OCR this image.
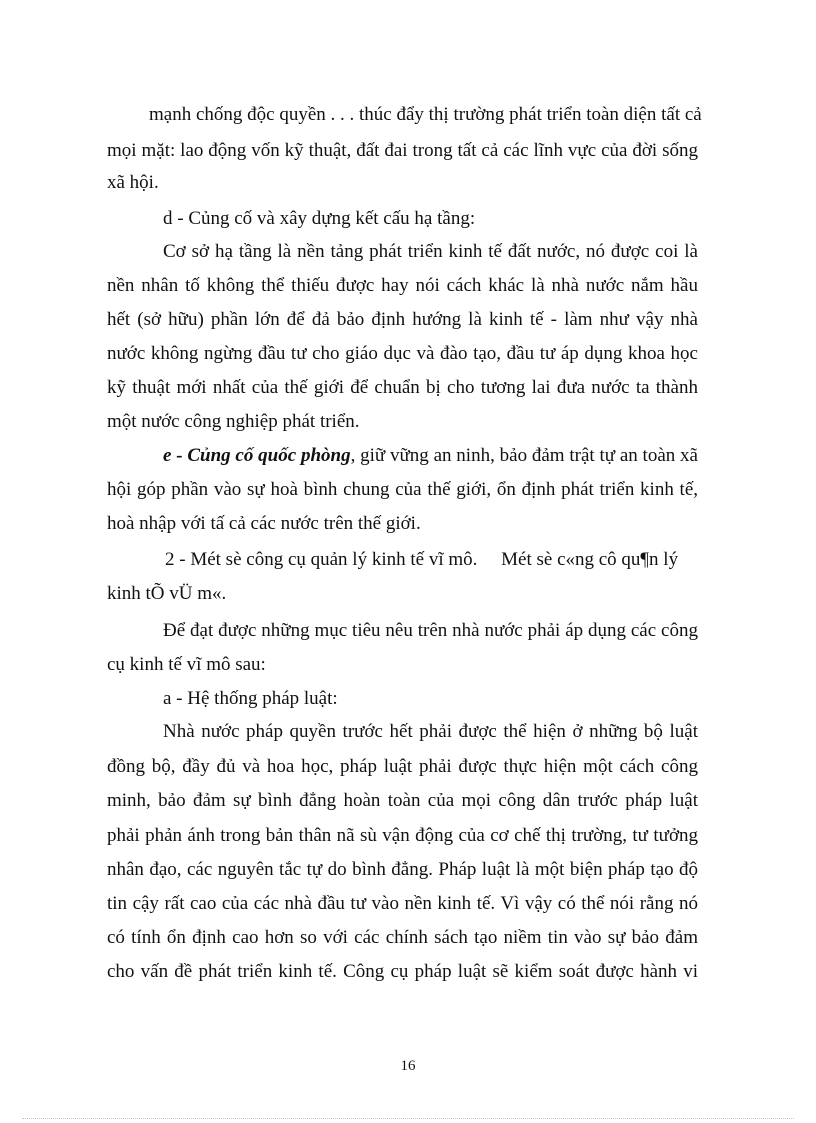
mạnh chống độc quyền . . . thúc đẩy thị trường phát triển toàn diện tất cả
mọi mặt: lao động vốn kỹ thuật, đất đai trong tất cả các lĩnh vực của đời sống
xã hội.
d - Củng cố và xây dựng kết cấu hạ tầng:
Cơ sở hạ tầng là nền tảng phát triển kinh tế đất nước, nó được coi là
nền nhân tố không thể thiếu được hay nói cách khác là nhà nước nắm hầu
hết (sở hữu) phần lớn để đả bảo định hướng là kinh tế - làm như vậy nhà
nước không ngừng đầu tư cho giáo dục và đào tạo, đầu tư áp dụng khoa học
kỹ thuật mới nhất của thế giới để chuẩn bị cho tương lai đưa nước ta thành
một nước công nghiệp phát triển.
e - Củng cố quốc phòng, giữ vững an ninh, bảo đảm trật tự an toàn xã
hội góp phần vào sự hoà bình chung của thế giới, ổn định phát triển kinh tế,
hoà nhập với tấ cả các nước trên thế giới.
2 - Mét sè công cụ quản lý kinh tế vĩ mô.     Mét sè c«ng cô qu¶n lý
kinh tÕ vÜ m«.
Để đạt được những mục tiêu nêu trên nhà nước phải áp dụng các công
cụ kinh tế vĩ mô sau:
a - Hệ thống pháp luật:
Nhà nước pháp quyền trước hết phải được thể hiện ở những bộ luật
đồng bộ, đầy đủ và hoa học, pháp luật phải được thực hiện một cách công
minh, bảo đảm sự bình đẳng hoàn toàn của mọi công dân trước pháp luật
phải phản ánh trong bản thân nã sù vận động của cơ chế thị trường, tư tưởng
nhân đạo, các nguyên tắc tự do bình đẳng. Pháp luật là một biện pháp tạo độ
tin cậy rất cao của các nhà đầu tư vào nền kinh tế. Vì vậy có thể nói rằng nó
có tính ổn định cao hơn so với các chính sách tạo niềm tin vào sự bảo đảm
cho vấn đề phát triển kinh tế. Công cụ pháp luật sẽ kiểm soát được hành vi
16
